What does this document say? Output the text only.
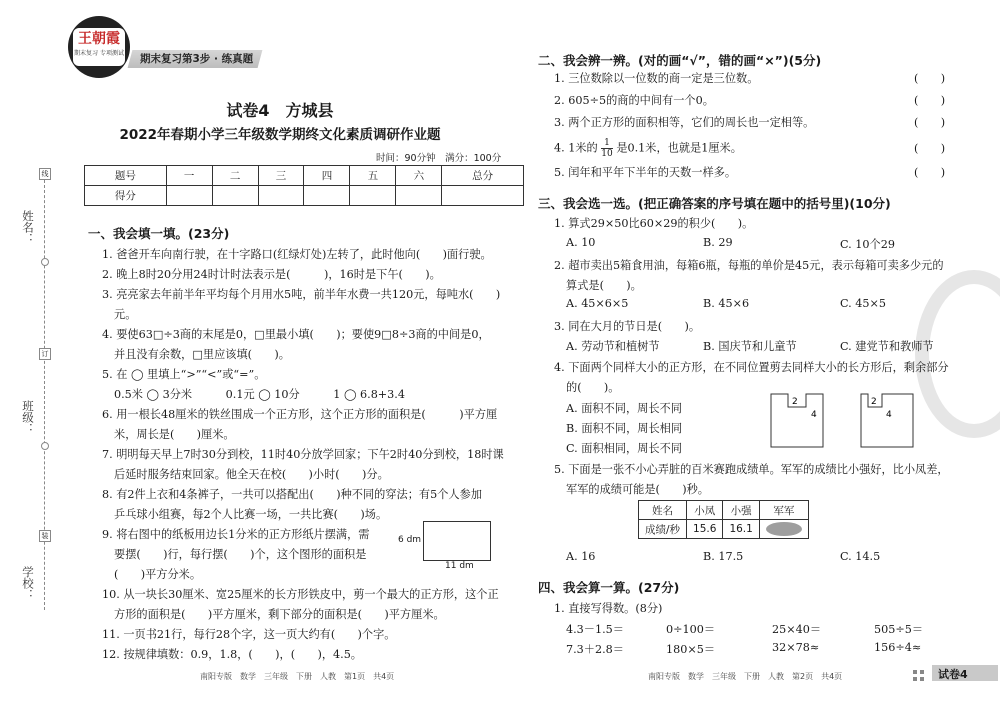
线
订
装
姓名：
班级：
学校：
王朝霞
期末复习 专项测试 期末复习第3步 · 练真题
试卷4　方城县
2022年春期小学三年级数学期终文化素质调研作业题
时间：90分钟　满分：100分
题号	一	二	三	四	五	六	总分
得分							
一、我会填一填。(23分)
1. 爸爸开车向南行驶，在十字路口(红绿灯处)左转了，此时他向(　　)面行驶。
2. 晚上8时20分用24时计时法表示是(　　　)，16时是下午(　　)。
3. 亮亮家去年前半年平均每个月用水5吨，前半年水费一共120元，每吨水(　　)
元。
4. 要使63□÷3商的末尾是0，□里最小填(　　)；要使9□8÷3商的中间是0，
并且没有余数，□里应该填(　　)。
5. 在 ◯ 里填上“>”“<”或“=”。
0.5米 ◯ 3分米　　　0.1元 ◯ 10分　　　1 ◯ 6.8+3.4
6. 用一根长48厘米的铁丝围成一个正方形，这个正方形的面积是(　　　)平方厘
米，周长是(　　)厘米。
7. 明明每天早上7时30分到校，11时40分放学回家；下午2时40分到校，18时课
后延时服务结束回家。他全天在校(　　)小时(　　)分。
8. 有2件上衣和4条裤子，一共可以搭配出(　　)种不同的穿法；有5个人参加
乒乓球小组赛，每2个人比赛一场，一共比赛(　　)场。
9. 将右图中的纸板用边长1分米的正方形纸片摆满，需
要摆(　　)行，每行摆(　　)个，这个图形的面积是
(　　)平方分米。
10. 从一块长30厘米、宽25厘米的长方形铁皮中，剪一个最大的正方形，这个正
方形的面积是(　　)平方厘米，剩下部分的面积是(　　)平方厘米。
11. 一页书21行，每行28个字，这一页大约有(　　)个字。
12. 按规律填数：0.9，1.8，(　　)，(　　)，4.5。
6 dm
11 dm
南阳专版　数学　三年级　下册　人教　第1页　共4页
二、我会辨一辨。(对的画“√”，错的画“×”)(5分)
1. 三位数除以一位数的商一定是三位数。
2. 605÷5的商的中间有一个0。
3. 两个正方形的面积相等，它们的周长也一定相等。
4. 1米的 $\frac{1}{10}$ 是0.1米，也就是1厘米。
5. 闰年和平年下半年的天数一样多。
(　　)
(　　)
(　　)
(　　)
(　　)
三、我会选一选。(把正确答案的序号填在题中的括号里)(10分)
1. 算式29×50比60×29的积少(　　)。
A. 10	B. 29	C. 10个29
2. 超市卖出5箱食用油，每箱6瓶，每瓶的单价是45元，表示每箱可卖多少元的
算式是(　　)。
A. 45×6×5	B. 45×6	C. 45×5
3. 同在大月的节日是(　　)。
A. 劳动节和植树节	B. 国庆节和儿童节	C. 建党节和教师节
4. 下面两个同样大小的正方形，在不同位置剪去同样大小的长方形后，剩余部分
的(　　)。
A. 面积不同，周长不同
B. 面积不同，周长相同
C. 面积相同，周长不同
2
4
2
4
5. 下面是一张不小心弄脏的百米赛跑成绩单。军军的成绩比小强好，比小凤差，
军军的成绩可能是(　　)秒。
姓名	小凤	小强	军军
成绩/秒	15.6	16.1	
A. 16	B. 17.5	C. 14.5
四、我会算一算。(27分)
1. 直接写得数。(8分)
4.3－1.5＝	0÷100＝	25×40＝	505÷5＝
7.3＋2.8＝	180×5＝	32×78≈	156÷4≈
南阳专版　数学　三年级　下册　人教　第2页　共4页	试卷4
